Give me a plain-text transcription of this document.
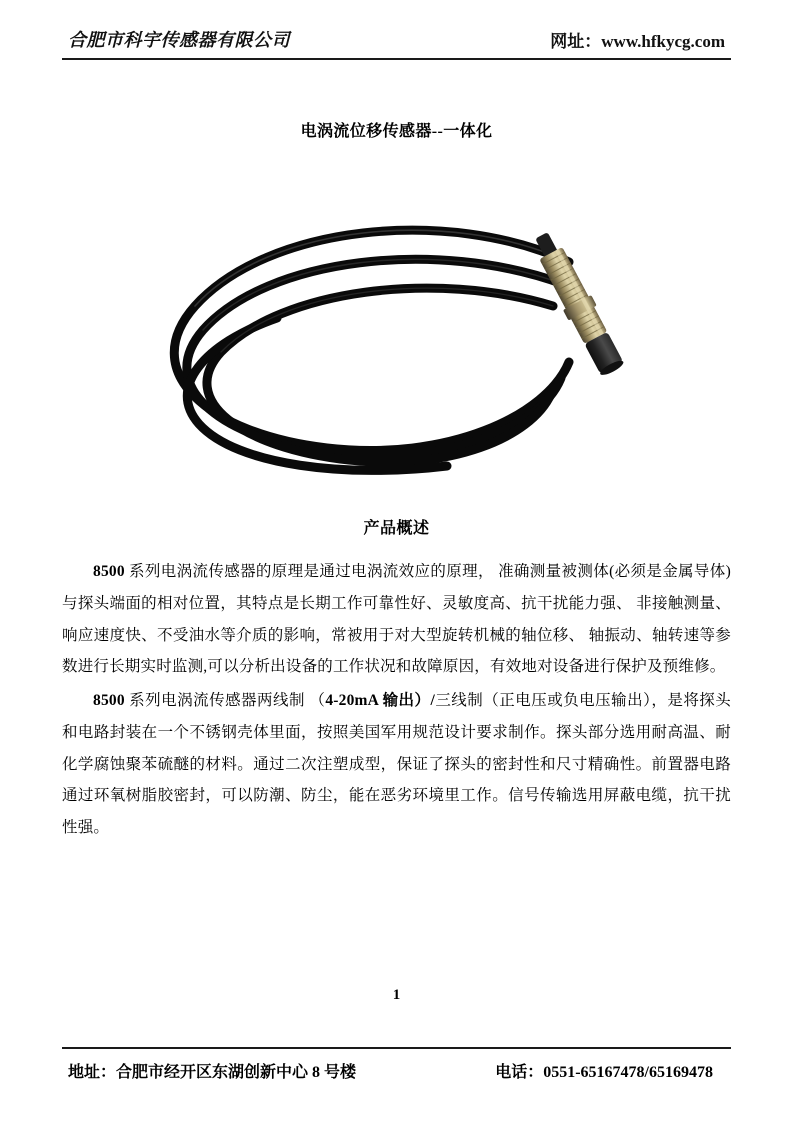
合肥市科宇传感器有限公司	网址：www.hfkycg.com
电涡流位移传感器--一体化
产品概述

8500 系列电涡流传感器的原理是通过电涡流效应的原理， 准确测量被测体(必须是金属导体)与探头端面的相对位置，其特点是长期工作可靠性好、灵敏度高、抗干扰能力强、 非接触测量、响应速度快、不受油水等介质的影响，常被用于对大型旋转机械的轴位移、 轴振动、轴转速等参数进行长期实时监测,可以分析出设备的工作状况和故障原因，有效地对设备进行保护及预维修。

8500 系列电涡流传感器两线制 （4-20mA 输出）/三线制（正电压或负电压输出），是将探头和电路封装在一个不锈钢壳体里面，按照美国军用规范设计要求制作。探头部分选用耐高温、耐化学腐蚀聚苯硫醚的材料。通过二次注塑成型，保证了探头的密封性和尺寸精确性。前置器电路通过环氧树脂胶密封，可以防潮、防尘，能在恶劣环境里工作。信号传输选用屏蔽电缆，抗干扰性强。

1
地址：合肥市经开区东湖创新中心 8 号楼	电话：0551-65167478/65169478
